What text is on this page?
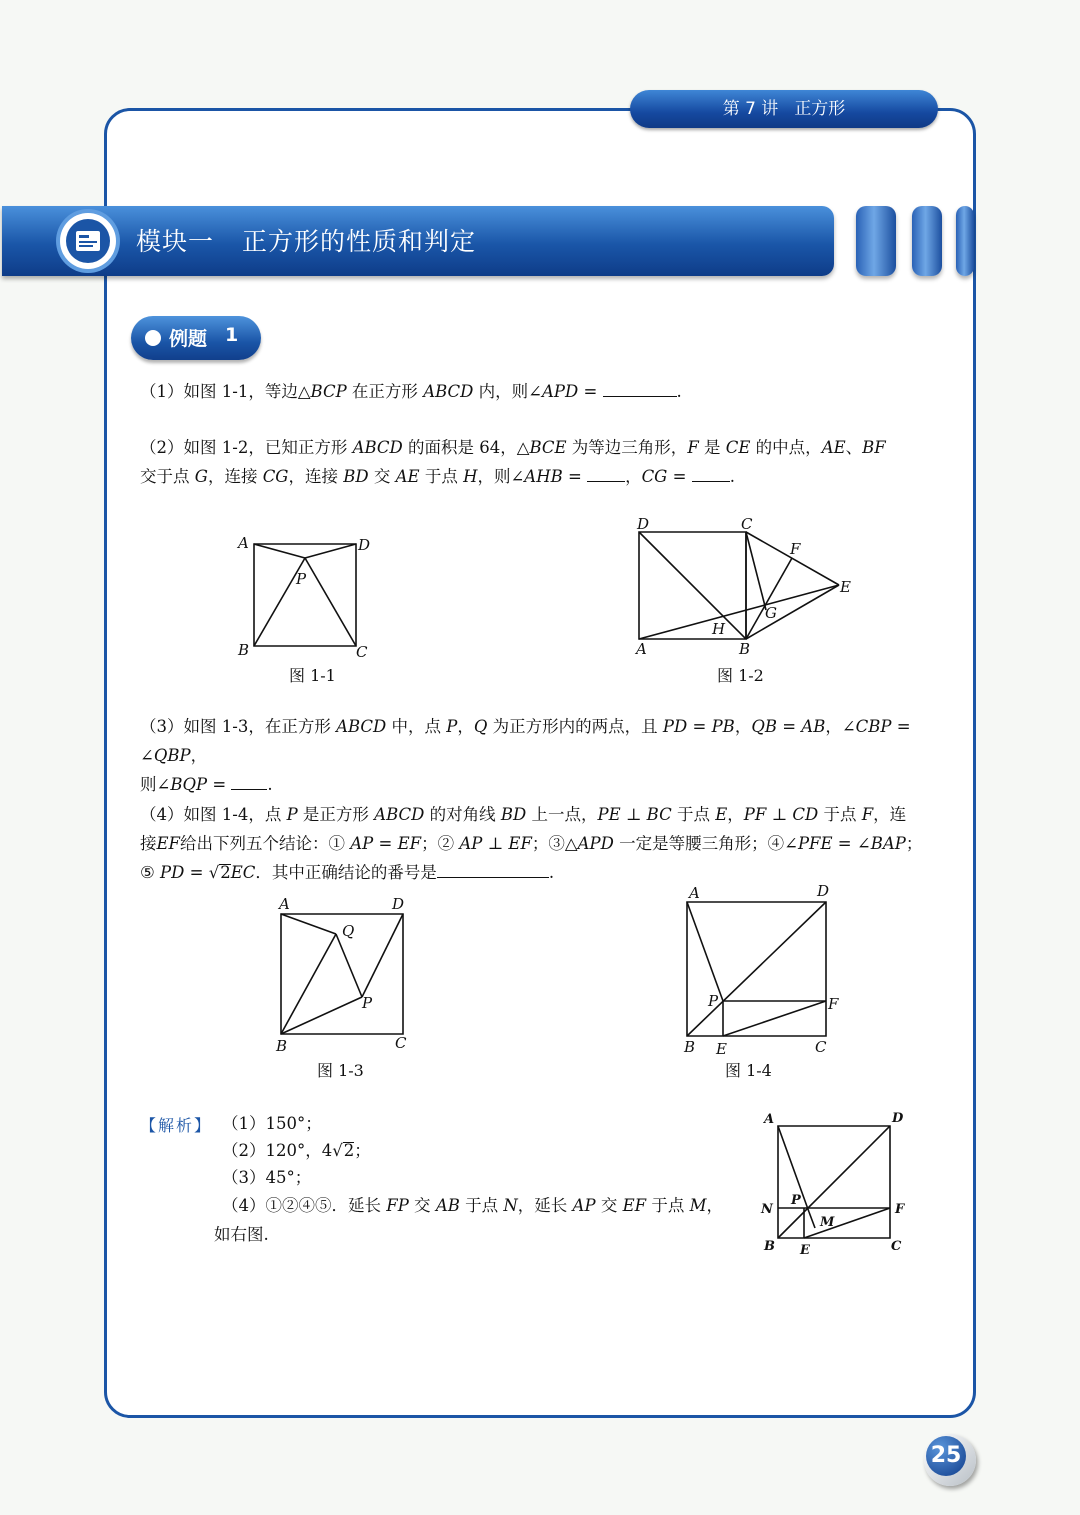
第 7 讲 正方形
模块一 正方形的性质和判定
例题 1
（1）如图 1-1，等边△BCP 在正方形 ABCD 内，则∠APD =	.
（2）如图 1-2，已知正方形 ABCD 的面积是 64，△BCE 为等边三角形，F 是 CE 的中点，AE、BF
交于点 G，连接 CG，连接 BD 交 AE 于点 H，则∠AHB = ，CG = .
A	D
P
B	C
图 1-1
D	C
F
E
G
H
A	B
图 1-2
（3）如图 1-3，在正方形 ABCD 中，点 P，Q 为正方形内的两点，且 PD = PB，QB = AB，∠CBP = ∠QBP，
则∠BQP = .
（4）如图 1-4，点 P 是正方形 ABCD 的对角线 BD 上一点，PE ⊥ BC 于点 E，PF ⊥ CD 于点 F，连
接EF给出下列五个结论：① AP = EF；② AP ⊥ EF；③△APD 一定是等腰三角形；④∠PFE = ∠BAP；
⑤ PD = √2EC．其中正确结论的番号是	.
A	D
Q
P
B	C
图 1-3
A	D
P	F
B E	C
图 1-4
【解析】 （1）150°；
（2）120°，4√2；
（3）45°；
（4）①②④⑤．延长 FP 交 AB 于点 N，延长 AP 交 EF 于点 M，
如右图.
A	D
N
P
M
F
B E	C
25
